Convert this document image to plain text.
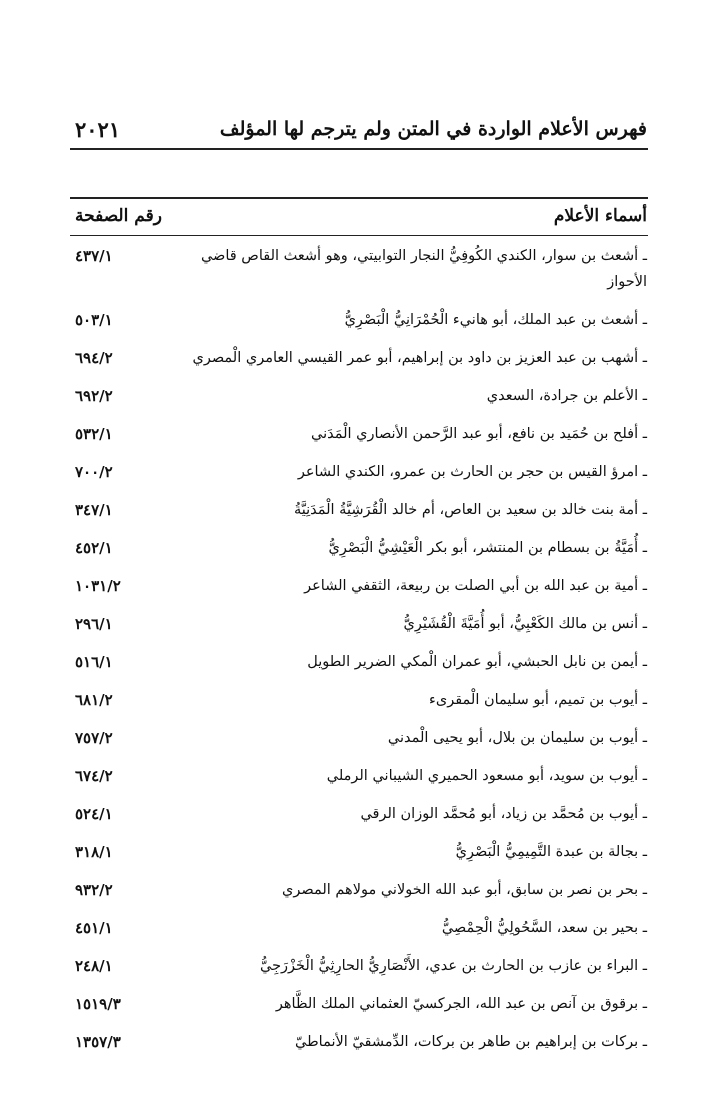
فهرس الأعلام الواردة في المتن ولم يترجم لها المؤلف
٢٠٢١
أسماء الأعلام
رقم الصفحة
ـ أشعث بن سوار، الكندي الكُوفِيُّ النجار التوابيتي، وهو أشعث القاص قاضي الأحواز
٤٣٧/١
ـ أشعث بن عبد الملك، أبو هانيء الْحُمْرَانِيُّ الْبَصْرِيُّ
٥٠٣/١
ـ أشهب بن عبد العزيز بن داود بن إبراهيم، أبو عمر القيسي العامري الْمصري
٦٩٤/٢
ـ الأعلم بن جرادة، السعدي
٦٩٢/٢
ـ أفلح بن حُمَيد بن نافع، أبو عبد الرَّحمن الأنصاري الْمَدَني
٥٣٢/١
ـ امرؤ القيس بن حجر بن الحارث بن عمرو، الكندي الشاعر
٧٠٠/٢
ـ أمة بنت خالد بن سعيد بن العاص، أم خالد الْقُرَشِيَّةُ الْمَدَنِيَّةُ
٣٤٧/١
ـ أُمَيَّةُ بن بسطام بن المنتشر، أبو بكر الْعَيْشِيُّ الْبَصْرِيُّ
٤٥٢/١
ـ أمية بن عبد الله بن أبي الصلت بن ربيعة، الثقفي الشاعر
١٠٣١/٢
ـ أنس بن مالك الكَعْبِيُّ، أبو أُمَيَّةَ الْقُشَيْرِيُّ
٢٩٦/١
ـ أيمن بن نابل الحبشي، أبو عمران الْمكي الضرير الطويل
٥١٦/١
ـ أيوب بن تميم، أبو سليمان الْمقرىء
٦٨١/٢
ـ أيوب بن سليمان بن بلال، أبو يحيى الْمدني
٧٥٧/٢
ـ أيوب بن سويد، أبو مسعود الحميري الشيباني الرملي
٦٧٤/٢
ـ أيوب بن مُحمَّد بن زياد، أبو مُحمَّد الوزان الرقي
٥٢٤/١
ـ بجالة بن عبدة التَّمِيمِيُّ الْبَصْرِيُّ
٣١٨/١
ـ بحر بن نصر بن سابق، أبو عبد الله الخولاني مولاهم المصري
٩٣٢/٢
ـ بحير بن سعد، السَّحُولِيُّ الْحِمْصِيُّ
٤٥١/١
ـ البراء بن عازب بن الحارث بن عدي، الأَنْصَارِيُّ الحارِثِيُّ الْخَزْرَجِيُّ
٢٤٨/١
ـ برقوق بن آنص بن عبد الله، الجركسيّ العثماني الملك الظَّاهر
١٥١٩/٣
ـ بركات بن إبراهيم بن طاهر بن بركات، الدِّمشقيّ الأنماطيّ
١٣٥٧/٣
